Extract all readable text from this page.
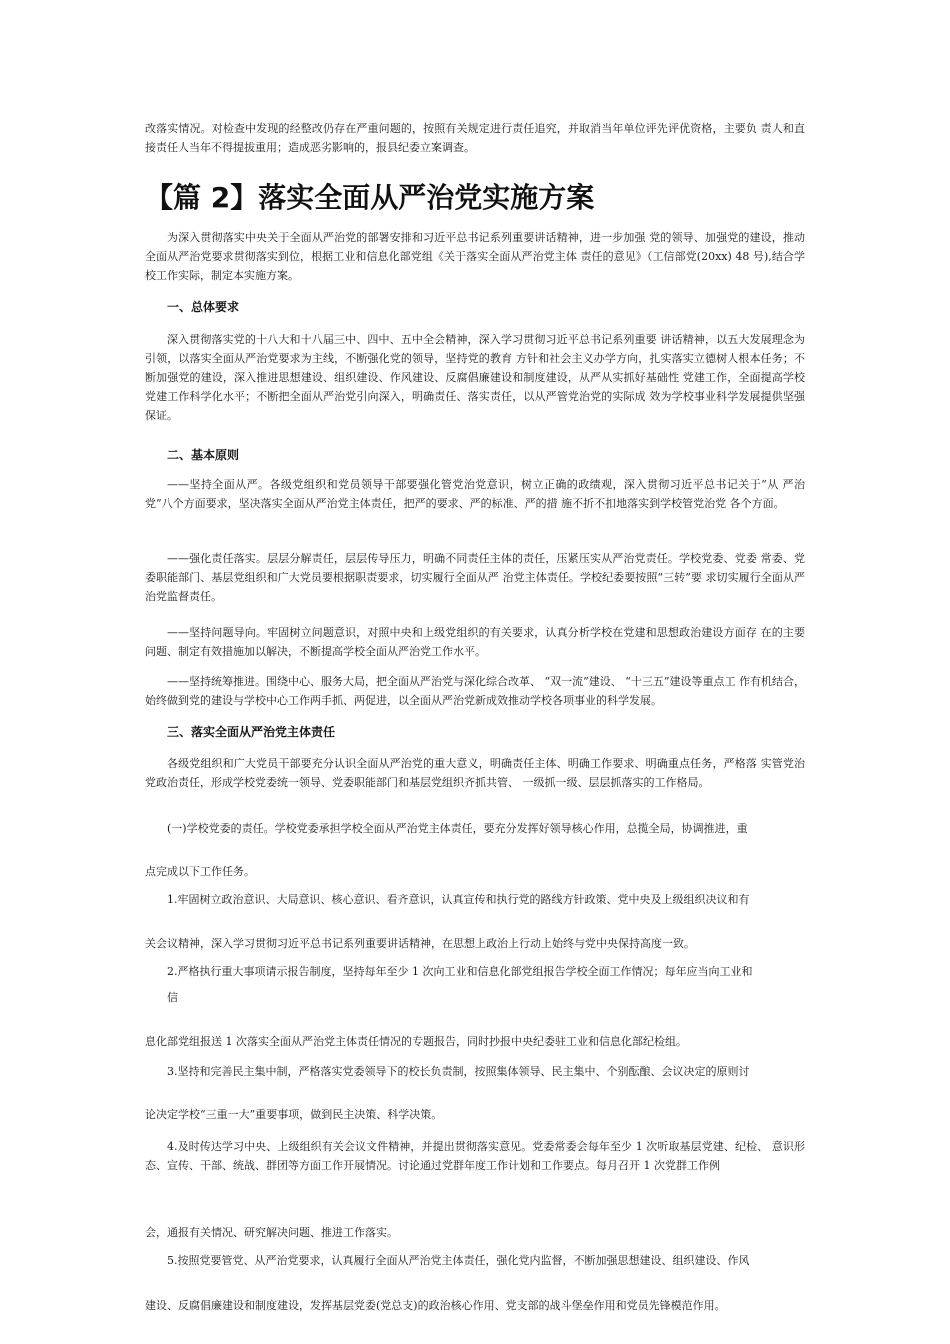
改落实情况。对检查中发现的经整改仍存在严重问题的，按照有关规定进行责任追究，并取消当年单位评先评优资格，主要负 责人和直接责任人当年不得提拔重用；造成恶劣影响的，报县纪委立案调查。

【篇 2】落实全面从严治党实施方案

为深入贯彻落实中央关于全面从严治党的部署安排和习近平总书记系列重要讲话精神，进一步加强 党的领导、加强党的建设，推动全面从严治党要求贯彻落实到位，根据工业和信息化部党组《关于落实全面从严治党主体 责任的意见》（工信部党(20xx) 48 号),结合学校工作实际，制定本实施方案。

一、总体要求

深入贯彻落实党的十八大和十八届三中、四中、五中全会精神，深入学习贯彻习近平总书记系列重要 讲话精神，以五大发展理念为引领，以落实全面从严治党要求为主线，不断强化党的领导，坚持党的教育 方针和社会主义办学方向，扎实落实立德树人根本任务；不断加强党的建设，深入推进思想建设、组织建设、作风建设、反腐倡廉建设和制度建设，从严从实抓好基础性 党建工作，全面提高学校党建工作科学化水平；不断把全面从严治党引向深入，明确责任、落实责任，以从严管党治党的实际成 效为学校事业科学发展提供坚强保证。

二、基本原则

——坚持全面从严。各级党组织和党员领导干部要强化管党治党意识，树立正确的政绩观，深入贯彻习近平总书记关于“从 严治党”八个方面要求，坚决落实全面从严治党主体责任，把严的要求、严的标准、严的措 施不折不扣地落实到学校管党治党 各个方面。

——强化责任落实。层层分解责任，层层传导压力，明确不同责任主体的责任，压紧压实从严治党责任。学校党委、党委 常委、党委职能部门、基层党组织和广大党员要根据职责要求，切实履行全面从严 治党主体责任。学校纪委要按照“三转”要 求切实履行全面从严治党监督责任。

——坚持问题导向。牢固树立问题意识，对照中央和上级党组织的有关要求，认真分析学校在党建和思想政治建设方面存 在的主要问题、制定有效措施加以解决，不断提高学校全面从严治党工作水平。

——坚持统筹推进。围绕中心、服务大局，把全面从严治党与深化综合改革、 “双一流”建设、 “十三五”建设等重点工 作有机结合，始终做到党的建设与学校中心工作两手抓、两促进，以全面从严治党新成效推动学校各项事业的科学发展。

三、落实全面从严治党主体责任

各级党组织和广大党员干部要充分认识全面从严治党的重大意义，明确责任主体、明确工作要求、明确重点任务，严格落 实管党治党政治责任，形成学校党委统一领导、党委职能部门和基层党组织齐抓共管、 一级抓一级、层层抓落实的工作格局。

(一)学校党委的责任。学校党委承担学校全面从严治党主体责任，要充分发挥好领导核心作用，总揽全局，协调推进，重

点完成以下工作任务。

1.牢固树立政治意识、大局意识、核心意识、看齐意识，认真宣传和执行党的路线方针政策、党中央及上级组织决议和有

关会议精神，深入学习贯彻习近平总书记系列重要讲话精神，在思想上政治上行动上始终与党中央保持高度一致。

2.严格执行重大事项请示报告制度，坚持每年至少 1 次向工业和信息化部党组报告学校全面工作情况；每年应当向工业和

信

息化部党组报送 1 次落实全面从严治党主体责任情况的专题报告，同时抄报中央纪委驻工业和信息化部纪检组。

3.坚持和完善民主集中制，严格落实党委领导下的校长负责制，按照集体领导、民主集中、个别酝酿、会议决定的原则讨

论决定学校“三重一大”重要事项，做到民主决策、科学决策。

4.及时传达学习中央、上级组织有关会议文件精神，并提出贯彻落实意见。党委常委会每年至少 1 次听取基层党建、纪检、 意识形态、宣传、干部、统战、群团等方面工作开展情况。讨论通过党群年度工作计划和工作要点。每月召开 1 次党群工作例

会，通报有关情况、研究解决问题、推进工作落实。

5.按照党要管党、从严治党要求，认真履行全面从严治党主体责任，强化党内监督，不断加强思想建设、组织建设、作风

建设、反腐倡廉建设和制度建设，发挥基层党委(党总支)的政治核心作用、党支部的战斗堡垒作用和党员先锋模范作用。
